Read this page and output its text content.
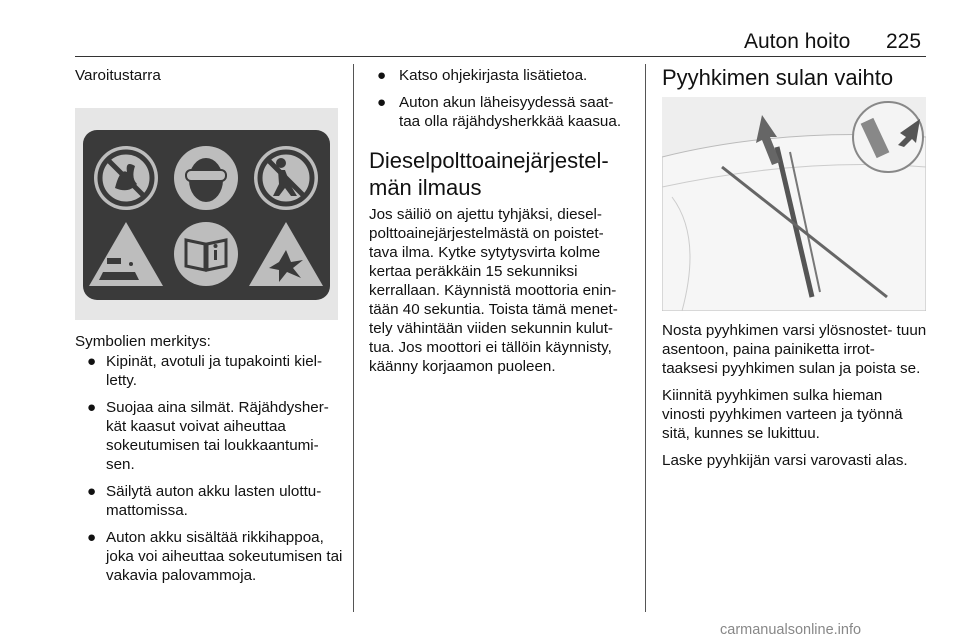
Auton hoito 225
Varoitustarra
Symbolien merkitys:
● Kipinät, avotuli ja tupakointi kiel- letty.
● Suojaa aina silmät. Räjähdysher- kät kaasut voivat aiheuttaa sokeutumisen tai loukkaantumi- sen.
● Säilytä auton akku lasten ulottu- mattomissa.
● Auton akku sisältää rikkihappoa, joka voi aiheuttaa sokeutumisen tai vakavia palovammoja.
● Katso ohjekirjasta lisätietoa.
● Auton akun läheisyydessä saat- taa olla räjähdysherkkää kaasua.
Dieselpolttoainejärjestel- män ilmaus
Jos säiliö on ajettu tyhjäksi, diesel- polttoainejärjestelmästä on poistet- tava ilma. Kytke sytytysvirta kolme kertaa peräkkäin 15 sekunniksi kerrallaan. Käynnistä moottoria enin- tään 40 sekuntia. Toista tämä menet- tely vähintään viiden sekunnin kulut- tua. Jos moottori ei tällöin käynnisty, käänny korjaamon puoleen.
Pyyhkimen sulan vaihto
Nosta pyyhkimen varsi ylösnostet- tuun asentoon, paina painiketta irrot- taaksesi pyyhkimen sulan ja poista se.
Kiinnitä pyyhkimen sulka hieman vinosti pyyhkimen varteen ja työnnä sitä, kunnes se lukittuu.
Laske pyyhkijän varsi varovasti alas.
carmanualsonline.info
